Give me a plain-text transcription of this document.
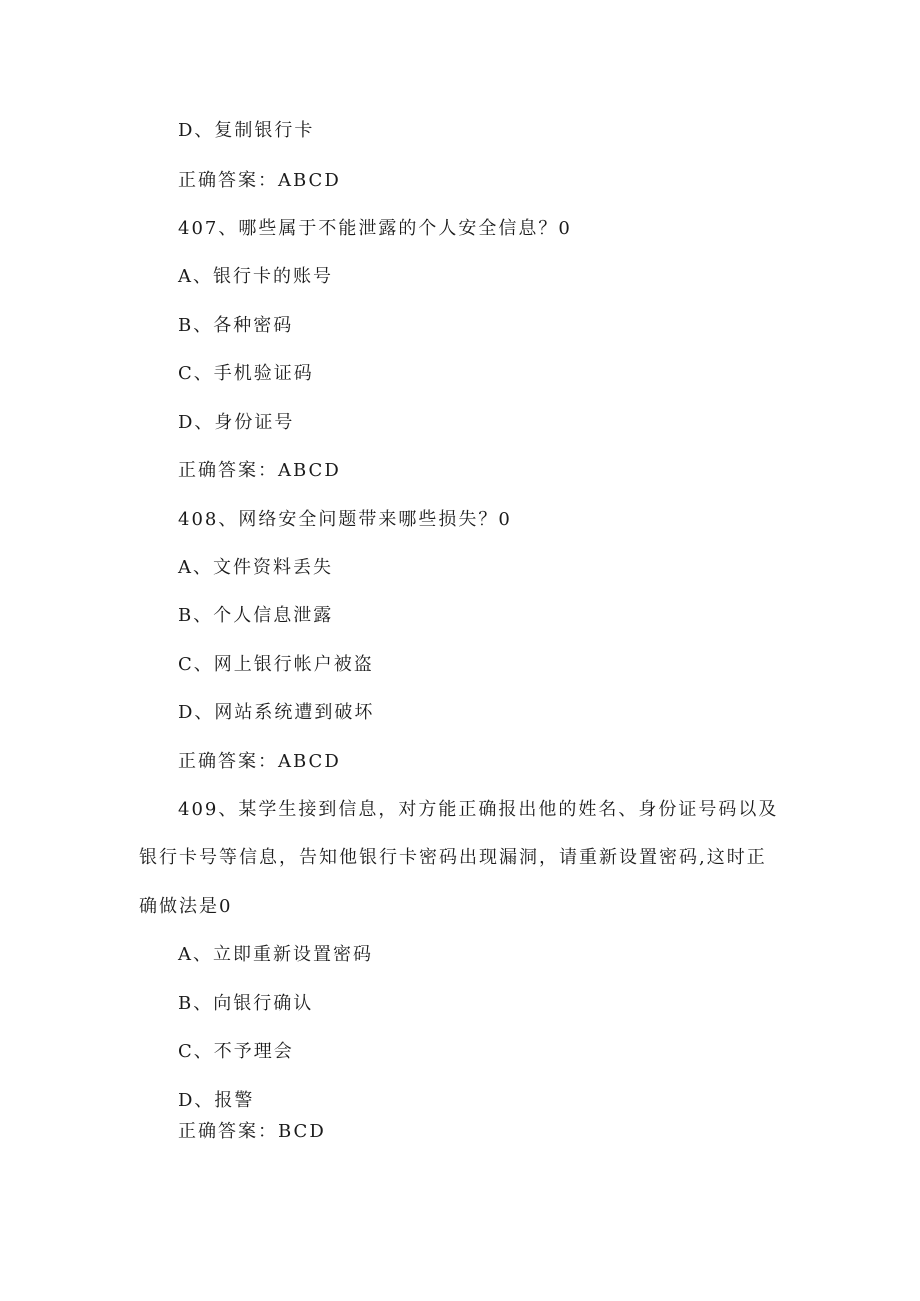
D、复制银行卡
正确答案：ABCD
407、哪些属于不能泄露的个人安全信息？0
A、银行卡的账号
B、各种密码
C、手机验证码
D、身份证号
正确答案：ABCD
408、网络安全问题带来哪些损失？0
A、文件资料丢失
B、个人信息泄露
C、网上银行帐户被盗
D、网站系统遭到破坏
正确答案：ABCD
409、某学生接到信息，对方能正确报出他的姓名、身份证号码以及
银行卡号等信息，告知他银行卡密码出现漏洞，请重新设置密码,这时正
确做法是0
A、立即重新设置密码
B、向银行确认
C、不予理会
D、报警
正确答案：BCD
